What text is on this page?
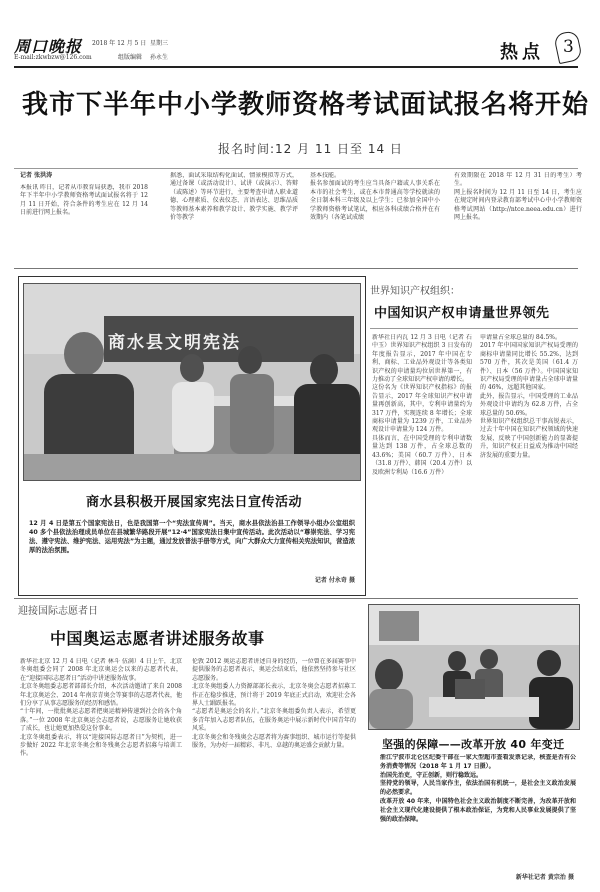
周口晚报 2018 年 12 月 5 日 星期三
E-mail:zkwbzw@126.com	组版编辑 孙永生	热点	3
我市下半年中小学教师资格考试面试报名将开始
报名时间:12 月 11 日至 14 日
记者 张洪涛
本报讯 昨日，记者从市教育局获悉，我市 2018 年下半年中小学教师资格考试面试报名将于 12 月 11 日开始，符合条件的考生应在 12 月 14 日前进行网上报名。
据悉，面试采取结构化面试、情景模拟等方式，通过备课（或活动设计）、试讲（或演示）、答辩（或陈述）等环节进行，主要考查申请人职业道德、心理素质、仪表仪态、言语表达、思维品质等教师基本素养和教学设计、教学实施、教学评价等教学
基本技能。
报名参加面试的考生应当具备户籍或人事关系在本市的社会考生，或在本市普通高等学校就读的全日制本科三年级及以上学生；已参加全国中小学教师资格考试笔试，相应各科成绩合格并在有效期内（各笔试成绩
有效期限在 2018 年 12 月 31 日的考生）考生。
网上报名时间为 12 月 11 日至 14 日，考生应在规定时间内登录教育部考试中心中小学教师资格考试网站（http://ntce.neea.edu.cn）进行网上报名。
商水县文明宪法
商水县积极开展国家宪法日宣传活动
12 月 4 日是第五个国家宪法日，也是我国第一个“宪法宣传周”。当天，商水县依法治县工作领导小组办公室组织 40 多个县依法治理成员单位在县城繁华路段开展“12·4”国家宪法日集中宣传活动。此次活动以“尊崇宪法、学习宪法、遵守宪法、维护宪法、运用宪法”为主题，通过发放普法手册等方式，向广大群众大力宣传相关宪法知识，营造浓厚的法治氛围。
记者 付永奇 摄
世界知识产权组织：
中国知识产权申请量世界领先
新华社日内瓦 12 月 3 日电（记者 石中玉）世界知识产权组织 3 日发布的年度报告显示，2017 年中国在专利、商标、工业品外观设计等各类知识产权的申请量均位居世界第一，有力推动了全球知识产权申请的增长。
这份名为《世界知识产权指标》的报告显示，2017 年全球知识产权申请量再创新高，其中，专利申请量约为 317 万件，实现连续 8 年增长；全球商标申请量为 1239 万件，工业品外观设计申请量为 124 万件。
具体而言，在中国受理的专利申请数量达到 138 万件，占全球总数的 43.6%；美国（60.7 万件）、日本（31.8 万件）、韩国（20.4 万件）以及欧洲专利局（16.6 万件）
申请量占全球总量的 84.5%。
2017 年中国国家知识产权局受理的商标申请量同比增长 55.2%，达到 570 万件，其次是美国（61.4 万件）、日本（56 万件）。中国国家知识产权局受理的申请量占全球申请量的 46%，远超其他国家。
此外，报告显示，中国受理的工业品外观设计申请约为 62.8 万件，占全球总量的 50.6%。
世界知识产权组织总干事高锐表示，过去十年中国在知识产权领域的快速发展，反映了中国创新能力的显著提升，知识产权正日益成为推动中国经济发展的重要力量。
迎接国际志愿者日
中国奥运志愿者讲述服务故事
新华社北京 12 月 4 日电（记者 林斗 伍满）4 日上午，北京冬奥组委会同了 2008 年北京奥运会以来的志愿者代表，在“迎接国际志愿者日”活动中讲述服务故事。
北京冬奥组委志愿者部部长介绍，本次活动邀请了来自 2008 年北京奥运会、2014 年南京青奥会等赛事的志愿者代表，他们分享了从事志愿服务的经历和感悟。
“十年间，一批批奥运志愿者把奥运精神传递到社会的各个角落。”一位 2008 年北京奥运会志愿者说，志愿服务让她收获了成长，也让她更加热爱这份事业。
北京冬奥组委表示，将以“迎接国际志愿者日”为契机，进一步做好 2022 年北京冬奥会和冬残奥会志愿者招募与培训工作。
伦敦 2012 奥运志愿者讲述自身的经历，一位曾在多届赛事中提供服务的志愿者表示，奥运会结束后，他依然坚持参与社区志愿服务。
北京冬奥组委人力资源部部长表示，北京冬奥会志愿者招募工作正在稳步推进，预计将于 2019 年底正式启动，欢迎社会各界人士踊跃报名。
“志愿者是奥运会的名片。”北京冬奥组委负责人表示，希望更多青年加入志愿者队伍，在服务奥运中展示新时代中国青年的风采。
北京冬奥会和冬残奥会志愿者将为赛事组织、城市运行等提供服务，为办好一届精彩、非凡、卓越的奥运盛会贡献力量。	坚强的保障——改革开放 40 年变迁
浙江宁波市北仑区纪委干部在一家大型超市查看发票记录，核查是否有公务消费等情况（2018 年 1 月 17 日摄）。
治国先治吏，守正创新，则行稳致远。
坚持党的领导，人民当家作主，依法治国有机统一，是社会主义政治发展的必然要求。
改革开放 40 年来，中国特色社会主义政治制度不断完善，为改革开放和社会主义现代化建设提供了根本政治保证，为党和人民事业发展提供了坚强的政治保障。
新华社记者 黄宗治 摄
